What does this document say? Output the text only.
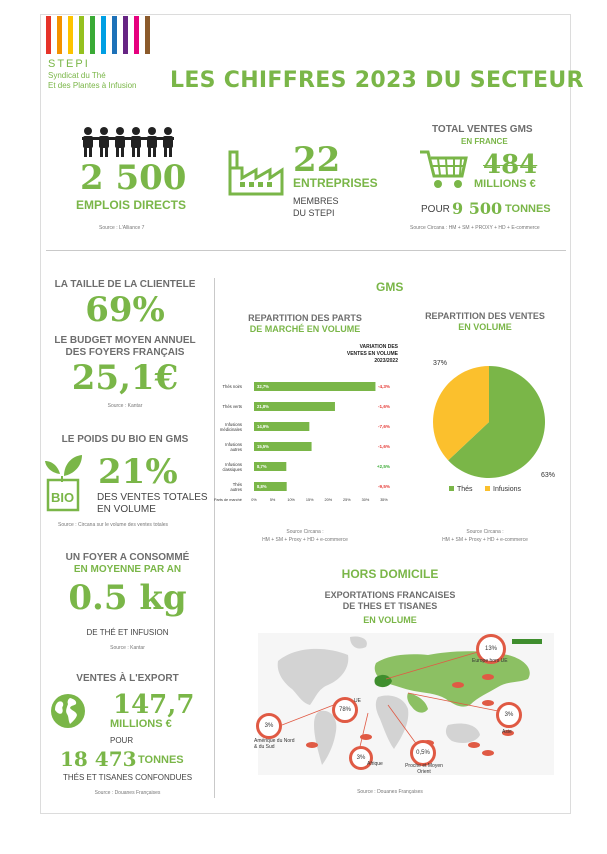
STEPI
Syndicat du Thé
Et des Plantes à Infusion LES CHIFFRES 2023 DU SECTEUR
2 500
EMPLOIS DIRECTS
Source : L'Alliance 7
22
ENTREPRISES
MEMBRES
DU STEPI
TOTAL VENTES GMS
EN FRANCE
484
MILLIONS €
POUR 9 500 TONNES
Source Circana : HM + SM + PROXY + HD + E-commerce
LA TAILLE DE LA CLIENTELE
69%
LE BUDGET MOYEN ANNUEL
DES FOYERS FRANÇAIS
25,1€
Source : Kantar
LE POIDS DU BIO EN GMS
BIO
21%
DES VENTES TOTALES
EN VOLUME
Source : Circana sur le volume des ventes totales
UN FOYER A CONSOMMÉ
EN MOYENNE PAR AN
0.5 kg
DE THÉ ET INFUSION
Source : Kantar
VENTES À L'EXPORT
147,7
MILLIONS €
POUR
18 473 TONNES
THÉS ET TISANES CONFONDUES
Source : Douanes Françaises
GMS
REPARTITION DES PARTS
DE MARCHÉ EN VOLUME
VARIATION DES
VENTES EN VOLUME
2023/2022
Thés noirs	32,7%	-4,3%
Thés verts	21,8%	-1,6%
Infusions
médicinales
14,9%	-7,6%
Infusions
autres
15,5%	-1,6%
Infusions
classiques
8,7%	+2,5%
Thés
autres
8,8%	-9,5%
Parts de marché 0%	5%	10%	15%	20%	25%	30%	35%
Source Circana :
HM + SM + Proxy + HD + e-commerce
REPARTITION DES VENTES
EN VOLUME
63%
37%
Thés	Infusions
Source Circana :
HM + SM + Proxy + HD + e-commerce
HORS DOMICILE
EXPORTATIONS FRANCAISES
DE THES ET TISANES
EN VOLUME
13%
Europe hors UE
78%
UE
3%
Amérique du Nord & du Sud
3%
Afrique
0,5%
Proche et Moyen Orient
3%
Asie
Source : Douanes Françaises
